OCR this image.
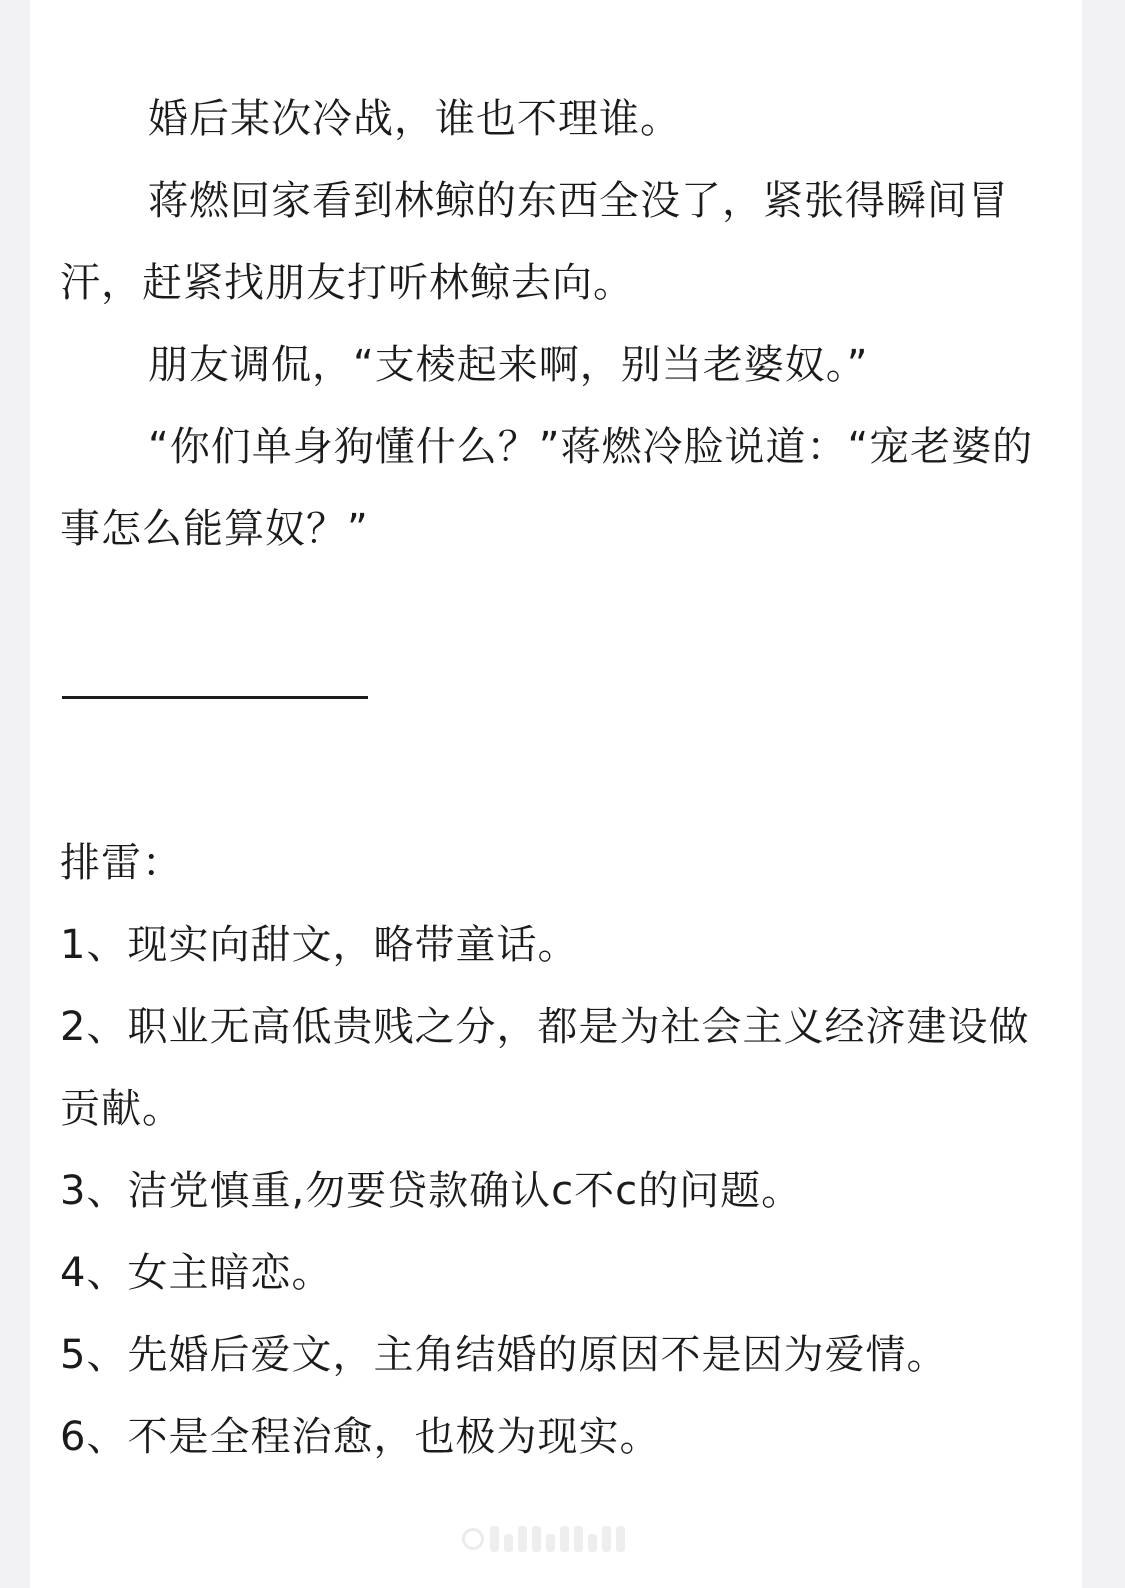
婚后某次冷战，谁也不理谁。

蒋燃回家看到林鲸的东西全没了，紧张得瞬间冒汗，赶紧找朋友打听林鲸去向。

朋友调侃，“支棱起来啊，别当老婆奴。”

“你们单身狗懂什么？”蒋燃冷脸说道：“宠老婆的事怎么能算奴？”

排雷：

1、现实向甜文，略带童话。

2、职业无高低贵贱之分，都是为社会主义经济建设做贡献。

3、洁党慎重,勿要贷款确认c不c的问题。

4、女主暗恋。

5、先婚后爱文，主角结婚的原因不是因为爱情。

6、不是全程治愈，也极为现实。
